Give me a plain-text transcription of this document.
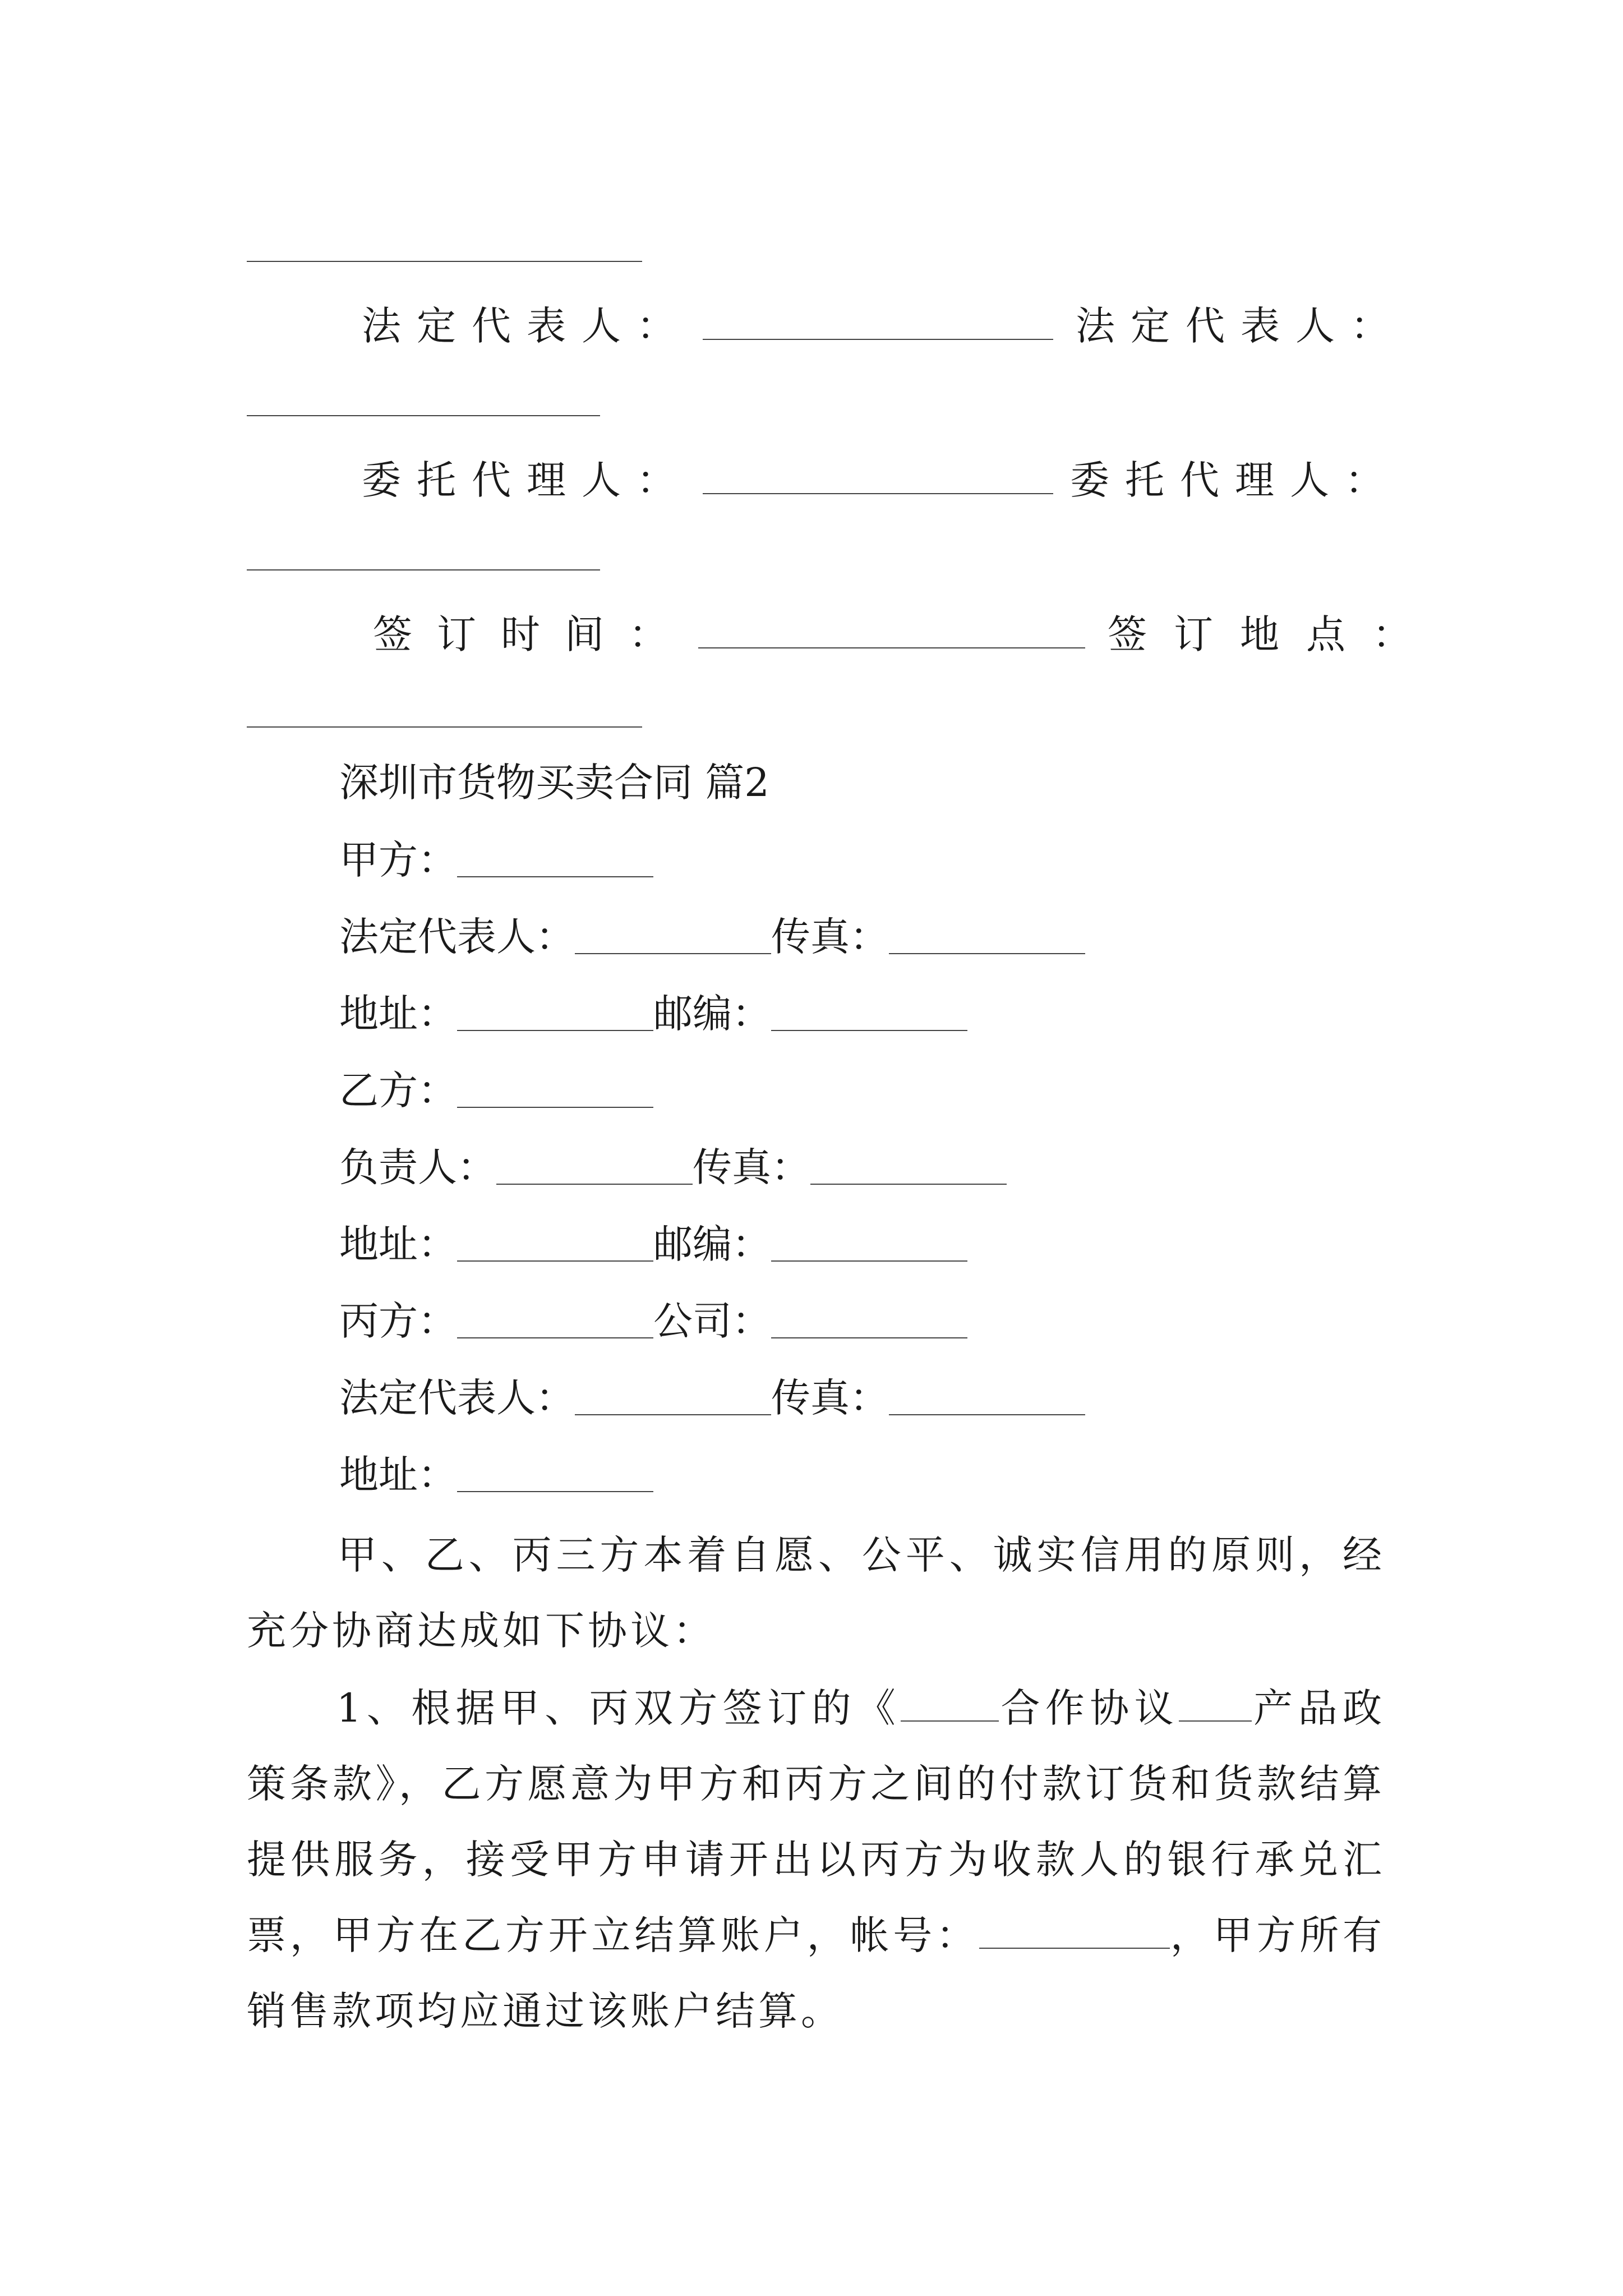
法定代表人：	法定代表人：
委托代理人：	委托代理人：
签订时间：	签订地点：
深圳市货物买卖合同 篇2
甲方：
法定代表人：	传真：
地址：	邮编：
乙方：
负责人：	传真：
地址：	邮编：
丙方：	公司：
法定代表人：	传真：
地址：
甲、乙、丙三方本着自愿、公平、诚实信用的原则，经充分协商达成如下协议：
1、根据甲、丙双方签订的《	合作协议 产品政策条款》，乙方愿意为甲方和丙方之间的付款订货和货款结算提供服务，接受甲方申请开出以丙方为收款人的银行承兑汇票，甲方在乙方开立结算账户，帐号：	，甲方所有销售款项均应通过该账户结算。
